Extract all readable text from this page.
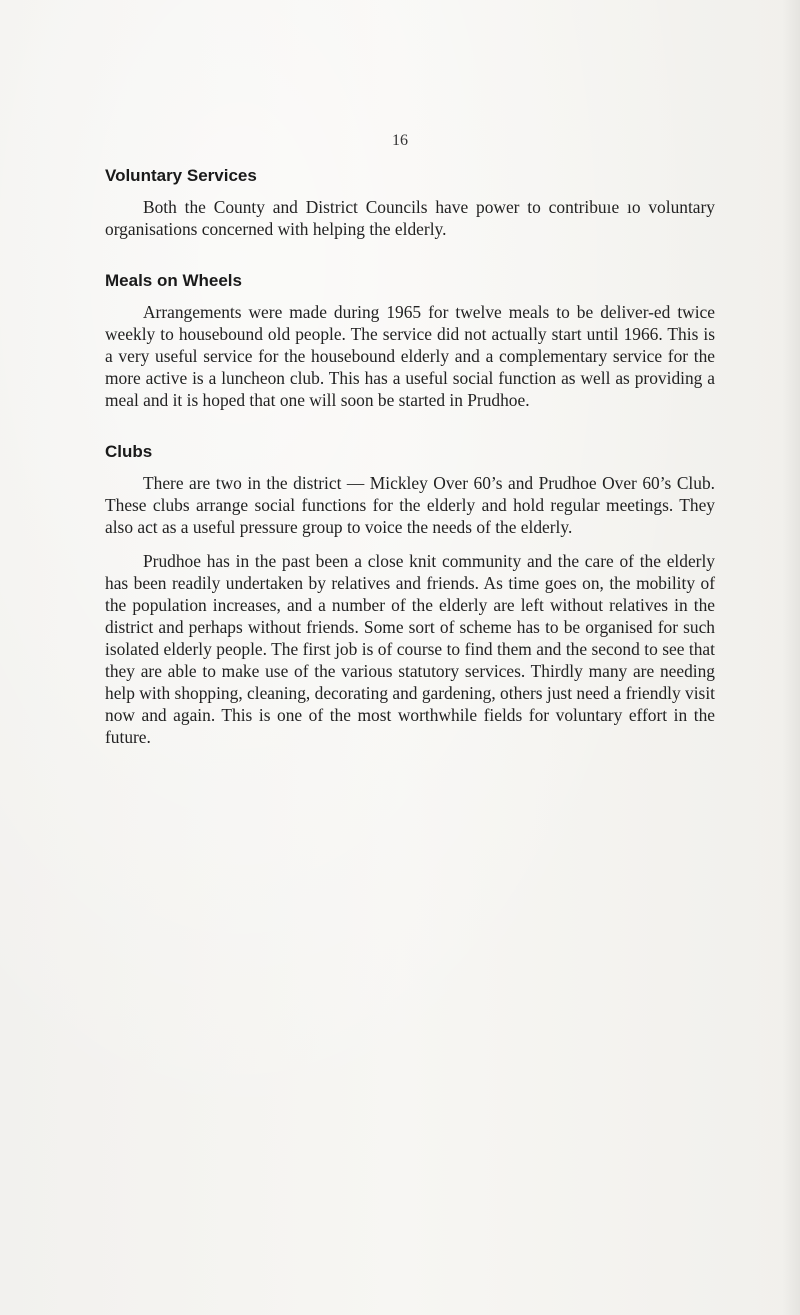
16
Voluntary Services

Both the County and District Councils have power to contribuıe ıo voluntary organisations concerned with helping the elderly.

Meals on Wheels

Arrangements were made during 1965 for twelve meals to be deliver-ed twice weekly to housebound old people. The service did not actually start until 1966. This is a very useful service for the housebound elderly and a complementary service for the more active is a luncheon club. This has a useful social function as well as providing a meal and it is hoped that one will soon be started in Prudhoe.

Clubs

There are two in the district — Mickley Over 60’s and Prudhoe Over 60’s Club. These clubs arrange social functions for the elderly and hold regular meetings. They also act as a useful pressure group to voice the needs of the elderly.

Prudhoe has in the past been a close knit community and the care of the elderly has been readily undertaken by relatives and friends. As time goes on, the mobility of the population increases, and a number of the elderly are left without relatives in the district and perhaps without friends. Some sort of scheme has to be organised for such isolated elderly people. The first job is of course to find them and the second to see that they are able to make use of the various statutory services. Thirdly many are needing help with shopping, cleaning, decorating and gardening, others just need a friendly visit now and again. This is one of the most worthwhile fields for voluntary effort in the future.
